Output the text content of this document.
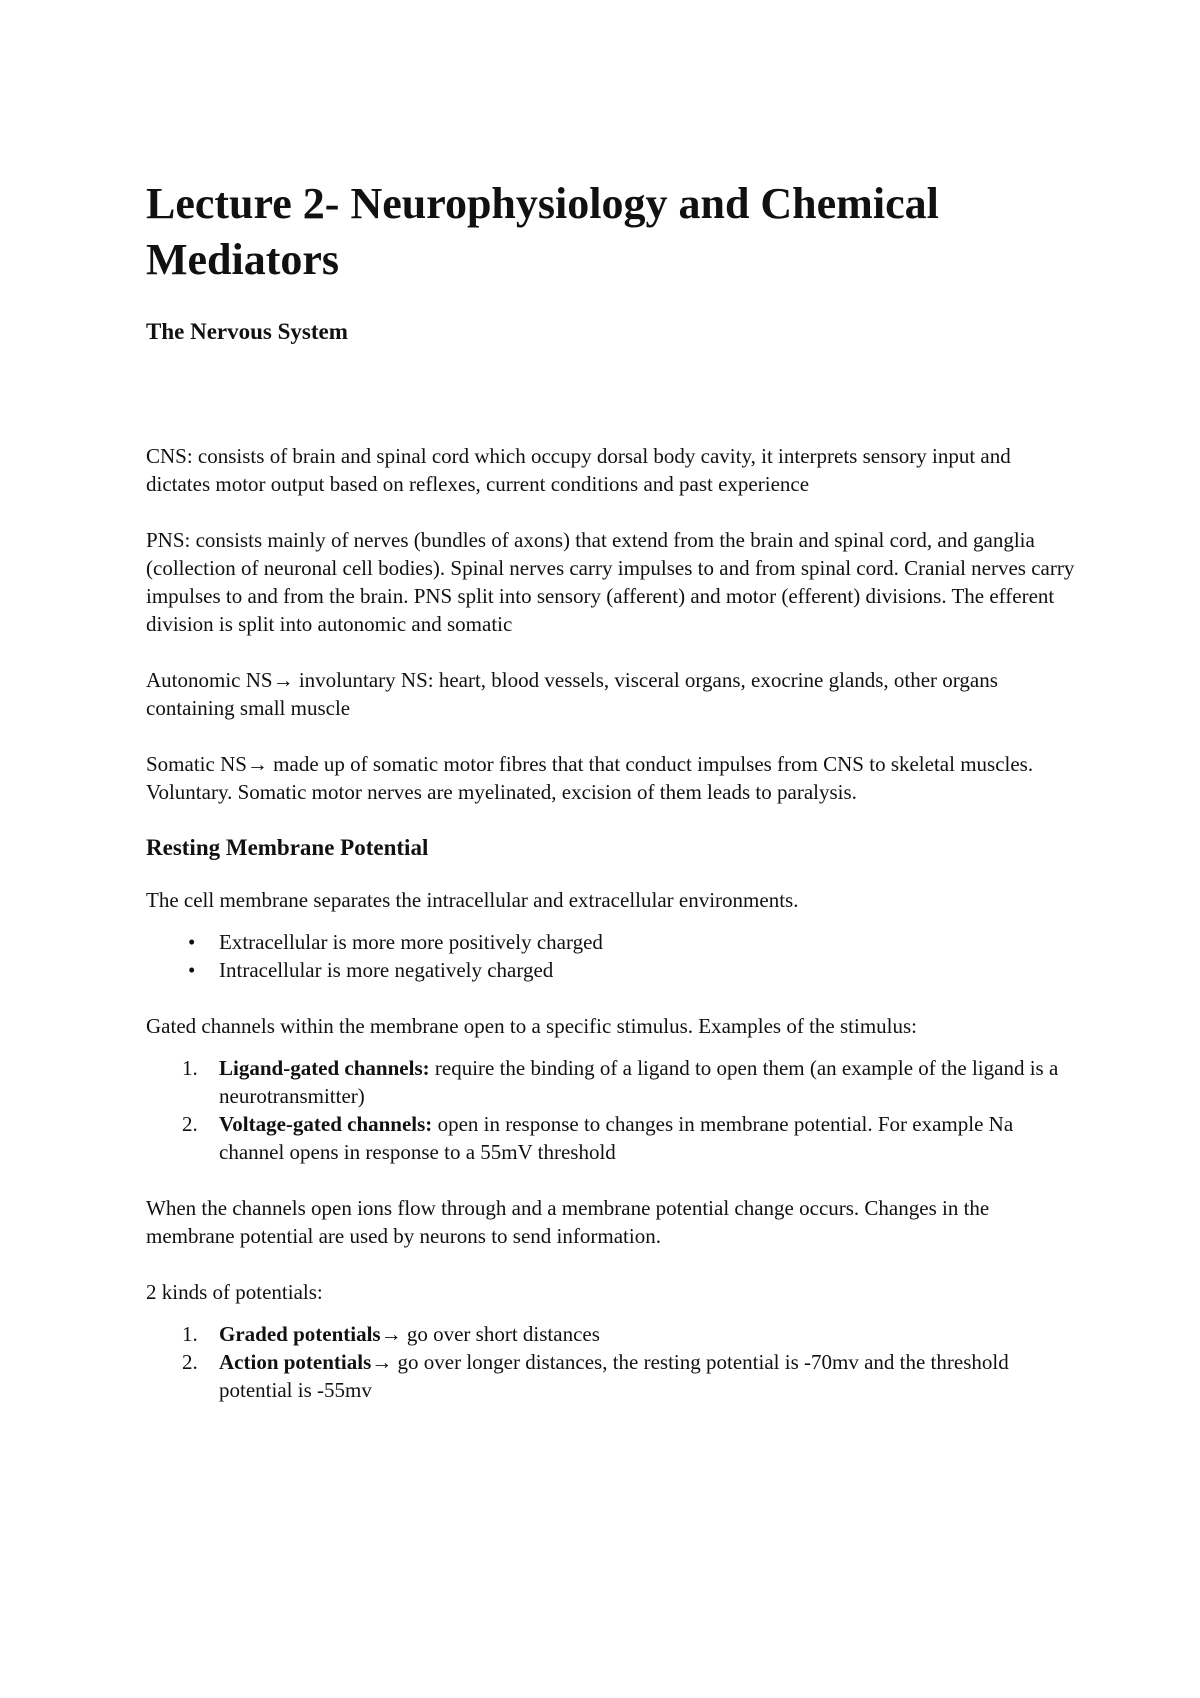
Lecture 2- Neurophysiology and Chemical Mediators
The Nervous System

CNS: consists of brain and spinal cord which occupy dorsal body cavity, it interprets sensory input and dictates motor output based on reflexes, current conditions and past experience

PNS: consists mainly of nerves (bundles of axons) that extend from the brain and spinal cord, and ganglia (collection of neuronal cell bodies). Spinal nerves carry impulses to and from spinal cord. Cranial nerves carry impulses to and from the brain. PNS split into sensory (afferent) and motor (efferent) divisions. The efferent division is split into autonomic and somatic

Autonomic NS→ involuntary NS: heart, blood vessels, visceral organs, exocrine glands, other organs containing small muscle

Somatic NS→ made up of somatic motor fibres that that conduct impulses from CNS to skeletal muscles. Voluntary. Somatic motor nerves are myelinated, excision of them leads to paralysis.

Resting Membrane Potential

The cell membrane separates the intracellular and extracellular environments.

• Extracellular is more more positively charged
• Intracellular is more negatively charged

Gated channels within the membrane open to a specific stimulus. Examples of the stimulus:

1. Ligand-gated channels: require the binding of a ligand to open them (an example of the ligand is a neurotransmitter)
2. Voltage-gated channels: open in response to changes in membrane potential. For example Na channel opens in response to a 55mV threshold

When the channels open ions flow through and a membrane potential change occurs. Changes in the membrane potential are used by neurons to send information.

2 kinds of potentials:

1. Graded potentials→ go over short distances
2. Action potentials→ go over longer distances, the resting potential is -70mv and the threshold potential is -55mv
